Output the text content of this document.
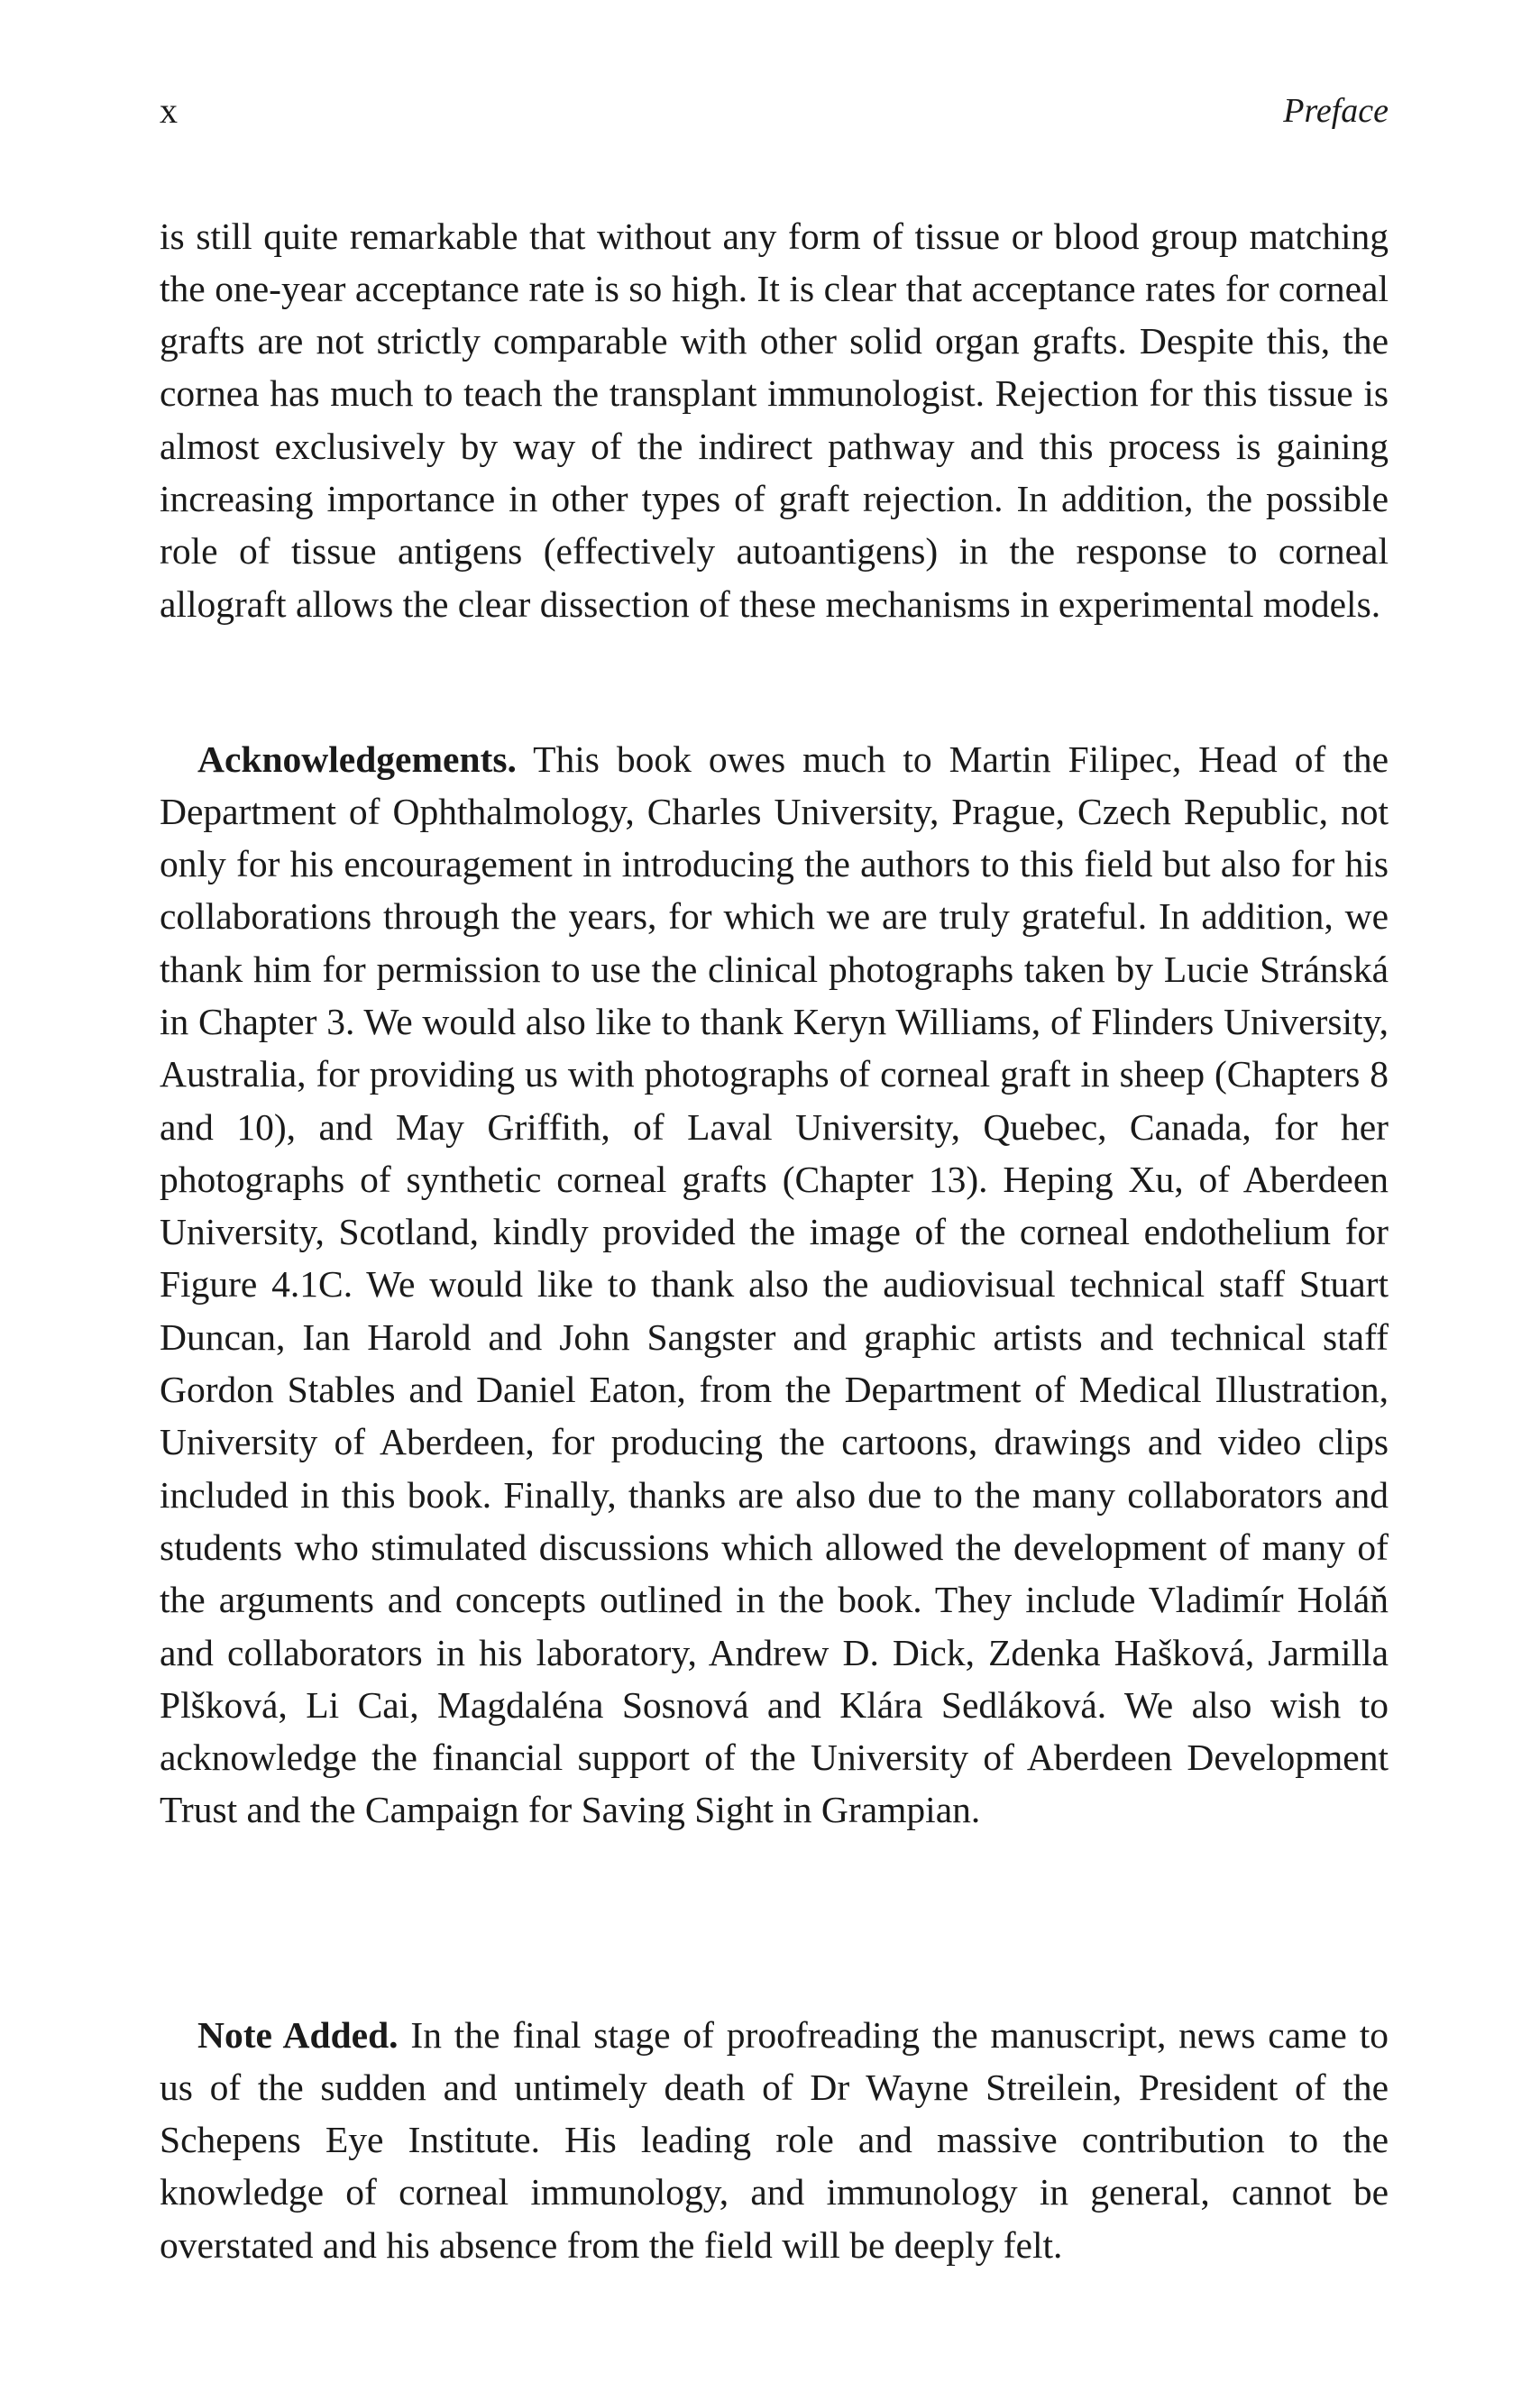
x	Preface

is still quite remarkable that without any form of tissue or blood group matching the one-year acceptance rate is so high. It is clear that acceptance rates for corneal grafts are not strictly comparable with other solid organ grafts. Despite this, the cornea has much to teach the transplant immunologist. Rejection for this tissue is almost exclusively by way of the indirect pathway and this process is gaining increasing importance in other types of graft rejection. In addition, the possible role of tissue antigens (effectively autoantigens) in the response to corneal allograft allows the clear dissection of these mechanisms in experimental models.

Acknowledgements. This book owes much to Martin Filipec, Head of the Department of Ophthalmology, Charles University, Prague, Czech Republic, not only for his encouragement in introducing the authors to this field but also for his collaborations through the years, for which we are truly grateful. In addition, we thank him for permission to use the clinical photographs taken by Lucie Stránská in Chapter 3. We would also like to thank Keryn Williams, of Flinders University, Australia, for providing us with photographs of corneal graft in sheep (Chapters 8 and 10), and May Griffith, of Laval University, Quebec, Canada, for her photographs of synthetic corneal grafts (Chapter 13). Heping Xu, of Aberdeen University, Scotland, kindly provided the image of the corneal endothelium for Figure 4.1C. We would like to thank also the audiovisual technical staff Stuart Duncan, Ian Harold and John Sangster and graphic artists and technical staff Gordon Stables and Daniel Eaton, from the Department of Medical Illustration, University of Aberdeen, for producing the cartoons, drawings and video clips included in this book. Finally, thanks are also due to the many collaborators and students who stimulated discussions which allowed the development of many of the arguments and concepts outlined in the book. They include Vladimír Holáň and collaborators in his laboratory, Andrew D. Dick, Zdenka Hašková, Jarmilla Plšková, Li Cai, Magdaléna Sosnová and Klára Sedláková. We also wish to acknowledge the financial support of the University of Aberdeen Development Trust and the Campaign for Saving Sight in Grampian.

Note Added. In the final stage of proofreading the manuscript, news came to us of the sudden and untimely death of Dr Wayne Streilein, President of the Schepens Eye Institute. His leading role and massive contribution to the knowledge of corneal immunology, and immunology in general, cannot be overstated and his absence from the field will be deeply felt.
